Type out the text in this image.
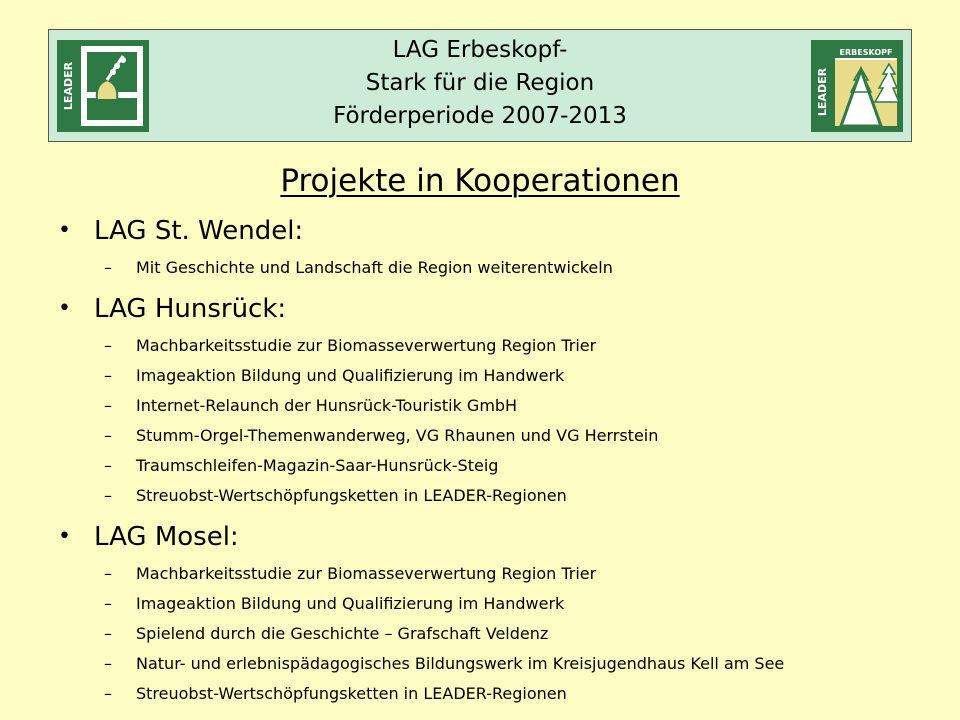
LEADER
LAG Erbeskopf-
Stark für die Region
Förderperiode 2007-2013	LEADER
ERBESKOPF
Projekte in Kooperationen
• LAG St. Wendel:
– Mit Geschichte und Landschaft die Region weiterentwickeln
• LAG Hunsrück:
– Machbarkeitsstudie zur Biomasseverwertung Region Trier
– Imageaktion Bildung und Qualifizierung im Handwerk
– Internet-Relaunch der Hunsrück-Touristik GmbH
– Stumm-Orgel-Themenwanderweg, VG Rhaunen und VG Herrstein
– Traumschleifen-Magazin-Saar-Hunsrück-Steig
– Streuobst-Wertschöpfungsketten in LEADER-Regionen
• LAG Mosel:
– Machbarkeitsstudie zur Biomasseverwertung Region Trier
– Imageaktion Bildung und Qualifizierung im Handwerk
– Spielend durch die Geschichte – Grafschaft Veldenz
– Natur- und erlebnispädagogisches Bildungswerk im Kreisjugendhaus Kell am See
– Streuobst-Wertschöpfungsketten in LEADER-Regionen
